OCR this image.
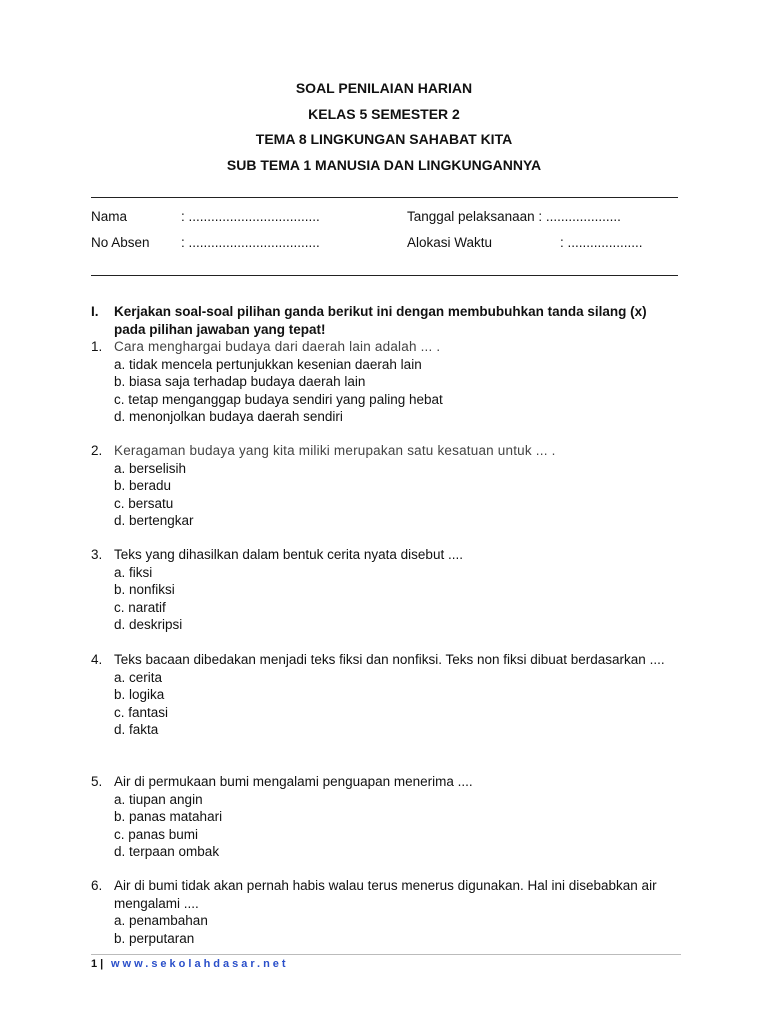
SOAL PENILAIAN HARIAN
KELAS 5 SEMESTER 2
TEMA 8 LINGKUNGAN SAHABAT KITA
SUB TEMA 1 MANUSIA DAN LINGKUNGANNYA
Nama	: ...................................	Tanggal pelaksanaan : ....................
No Absen : ...................................	Alokasi Waktu	: ....................
I. Kerjakan soal-soal pilihan ganda berikut ini dengan membubuhkan tanda silang (x) pada pilihan jawaban yang tepat!
1. Cara menghargai budaya dari daerah lain adalah ... .
a. tidak mencela pertunjukkan kesenian daerah lain
b. biasa saja terhadap budaya daerah lain
c. tetap menganggap budaya sendiri yang paling hebat
d. menonjolkan budaya daerah sendiri
2. Keragaman budaya yang kita miliki merupakan satu kesatuan untuk ... .
a. berselisih
b. beradu
c. bersatu
d. bertengkar
3. Teks yang dihasilkan dalam bentuk cerita nyata disebut ....
a. fiksi
b. nonfiksi
c. naratif
d. deskripsi
4. Teks bacaan dibedakan menjadi teks fiksi dan nonfiksi. Teks non fiksi dibuat berdasarkan ....
a. cerita
b. logika
c. fantasi
d. fakta
5. Air di permukaan bumi mengalami penguapan menerima ....
a. tiupan angin
b. panas matahari
c. panas bumi
d. terpaan ombak
6. Air di bumi tidak akan pernah habis walau terus menerus digunakan. Hal ini disebabkan air mengalami ....
a. penambahan
b. perputaran
1 | www.sekolahdasar.net
